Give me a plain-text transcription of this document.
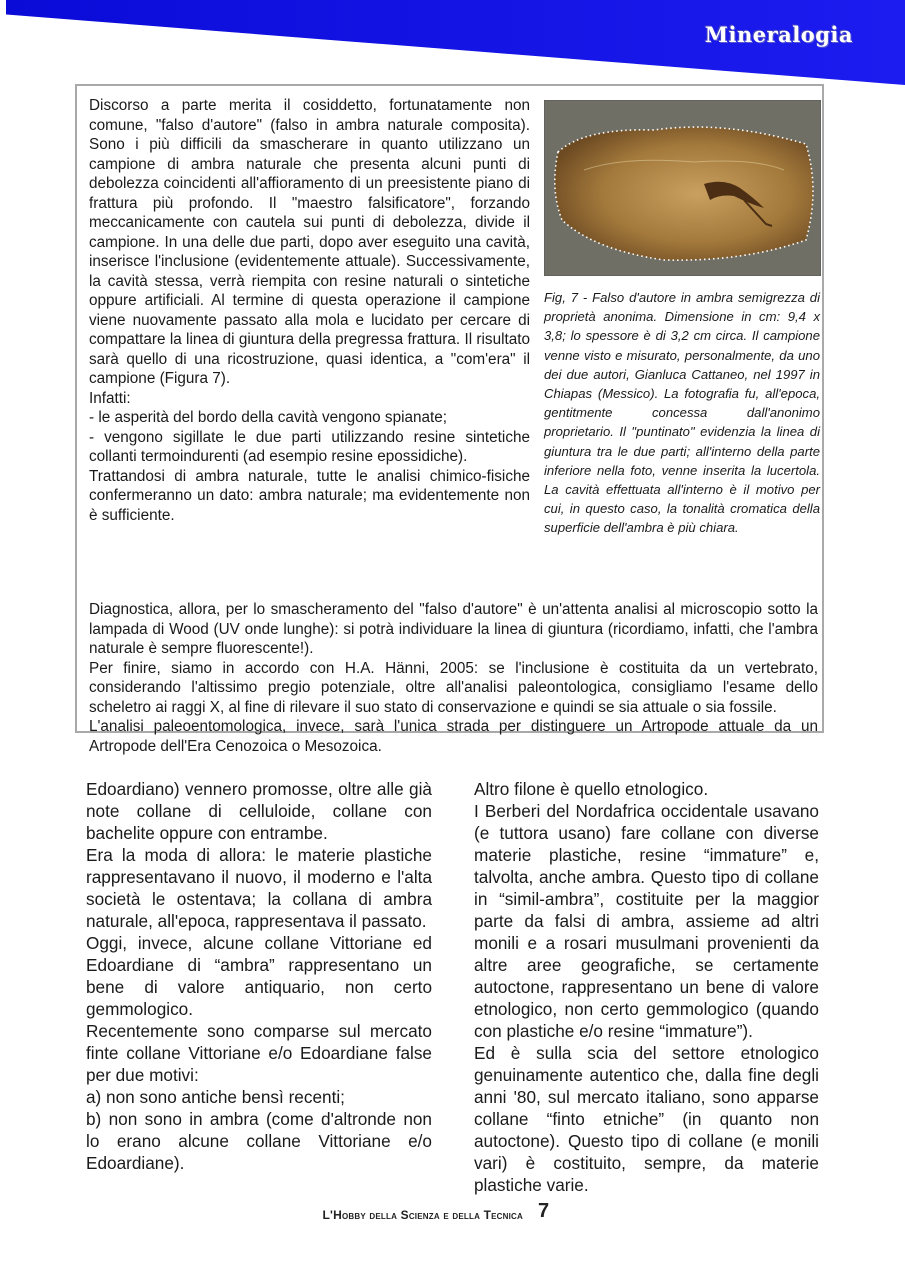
Mineralogia

Discorso a parte merita il cosiddetto, fortunatamente non comune, "falso d'autore" (falso in ambra naturale composita). Sono i più difficili da smascherare in quanto utilizzano un campione di ambra naturale che presenta alcuni punti di debolezza coincidenti all'affioramento di un preesistente piano di frattura più profondo. Il "maestro falsificatore", forzando meccanicamente con cautela sui punti di debolezza, divide il campione. In una delle due parti, dopo aver eseguito una cavità, inserisce l'inclusione (evidentemente attuale). Successivamente, la cavità stessa, verrà riempita con resine naturali o sintetiche oppure artificiali. Al termine di questa operazione il campione viene nuovamente passato alla mola e lucidato per cercare di compattare la linea di giuntura della pregressa frattura. Il risultato sarà quello di una ricostruzione, quasi identica, a "com'era" il campione (Figura 7).

Infatti:

- le asperità del bordo della cavità vengono spianate;

- vengono sigillate le due parti utilizzando resine sintetiche collanti termoindurenti (ad esempio resine epossidiche).

Trattandosi di ambra naturale, tutte le analisi chimico-fisiche confermeranno un dato: ambra naturale; ma evidentemente non è sufficiente.

Fig, 7 - Falso d'autore in ambra semigrezza di proprietà anonima. Dimensione in cm: 9,4 x 3,8; lo spessore è di 3,2 cm circa. Il campione venne visto e misurato, personalmente, da uno dei due autori, Gianluca Cattaneo, nel 1997 in Chiapas (Messico). La fotografia fu, all'epoca, gentitmente concessa dall'anonimo proprietario. Il "puntinato" evidenzia la linea di giuntura tra le due parti; all'interno della parte inferiore nella foto, venne inserita la lucertola. La cavità effettuata all'interno è il motivo per cui, in questo caso, la tonalità cromatica della superficie dell'ambra è più chiara.

Diagnostica, allora, per lo smascheramento del "falso d'autore" è un'attenta analisi al microscopio sotto la lampada di Wood (UV onde lunghe): si potrà individuare la linea di giuntura (ricordiamo, infatti, che l'ambra naturale è sempre fluorescente!).

Per finire, siamo in accordo con H.A. Hänni, 2005: se l'inclusione è costituita da un vertebrato, considerando l'altissimo pregio potenziale, oltre all'analisi paleontologica, consigliamo l'esame dello scheletro ai raggi X, al fine di rilevare il suo stato di conservazione e quindi se sia attuale o sia fossile.

L'analisi paleoentomologica, invece, sarà l'unica strada per distinguere un Artropode attuale da un Artropode dell'Era Cenozoica o Mesozoica.

Edoardiano) vennero promosse, oltre alle già note collane di celluloide, collane con bachelite oppure con entrambe.

Era la moda di allora: le materie plastiche rappresentavano il nuovo, il moderno e l'alta società le ostentava; la collana di ambra naturale, all'epoca, rappresentava il passato.

Oggi, invece, alcune collane Vittoriane ed Edoardiane di “ambra” rappresentano un bene di valore antiquario, non certo gemmologico.

Recentemente sono comparse sul mercato finte collane Vittoriane e/o Edoardiane false per due motivi:

a) non sono antiche bensì recenti;

b) non sono in ambra (come d'altronde non lo erano alcune collane Vittoriane e/o Edoardiane).

Altro filone è quello etnologico.

I Berberi del Nordafrica occidentale usavano (e tuttora usano) fare collane con diverse materie plastiche, resine “immature” e, talvolta, anche ambra. Questo tipo di collane in “simil-ambra”, costituite per la maggior parte da falsi di ambra, assieme ad altri monili e a rosari musulmani provenienti da altre aree geografiche, se certamente autoctone, rappresentano un bene di valore etnologico, non certo gemmologico (quando con plastiche e/o resine “immature”).

Ed è sulla scia del settore etnologico genuinamente autentico che, dalla fine degli anni '80, sul mercato italiano, sono apparse collane “finto etniche” (in quanto non autoctone). Questo tipo di collane (e monili vari) è costituito, sempre, da materie plastiche varie.

L'Hobby della Scienza e della Tecnica 7
